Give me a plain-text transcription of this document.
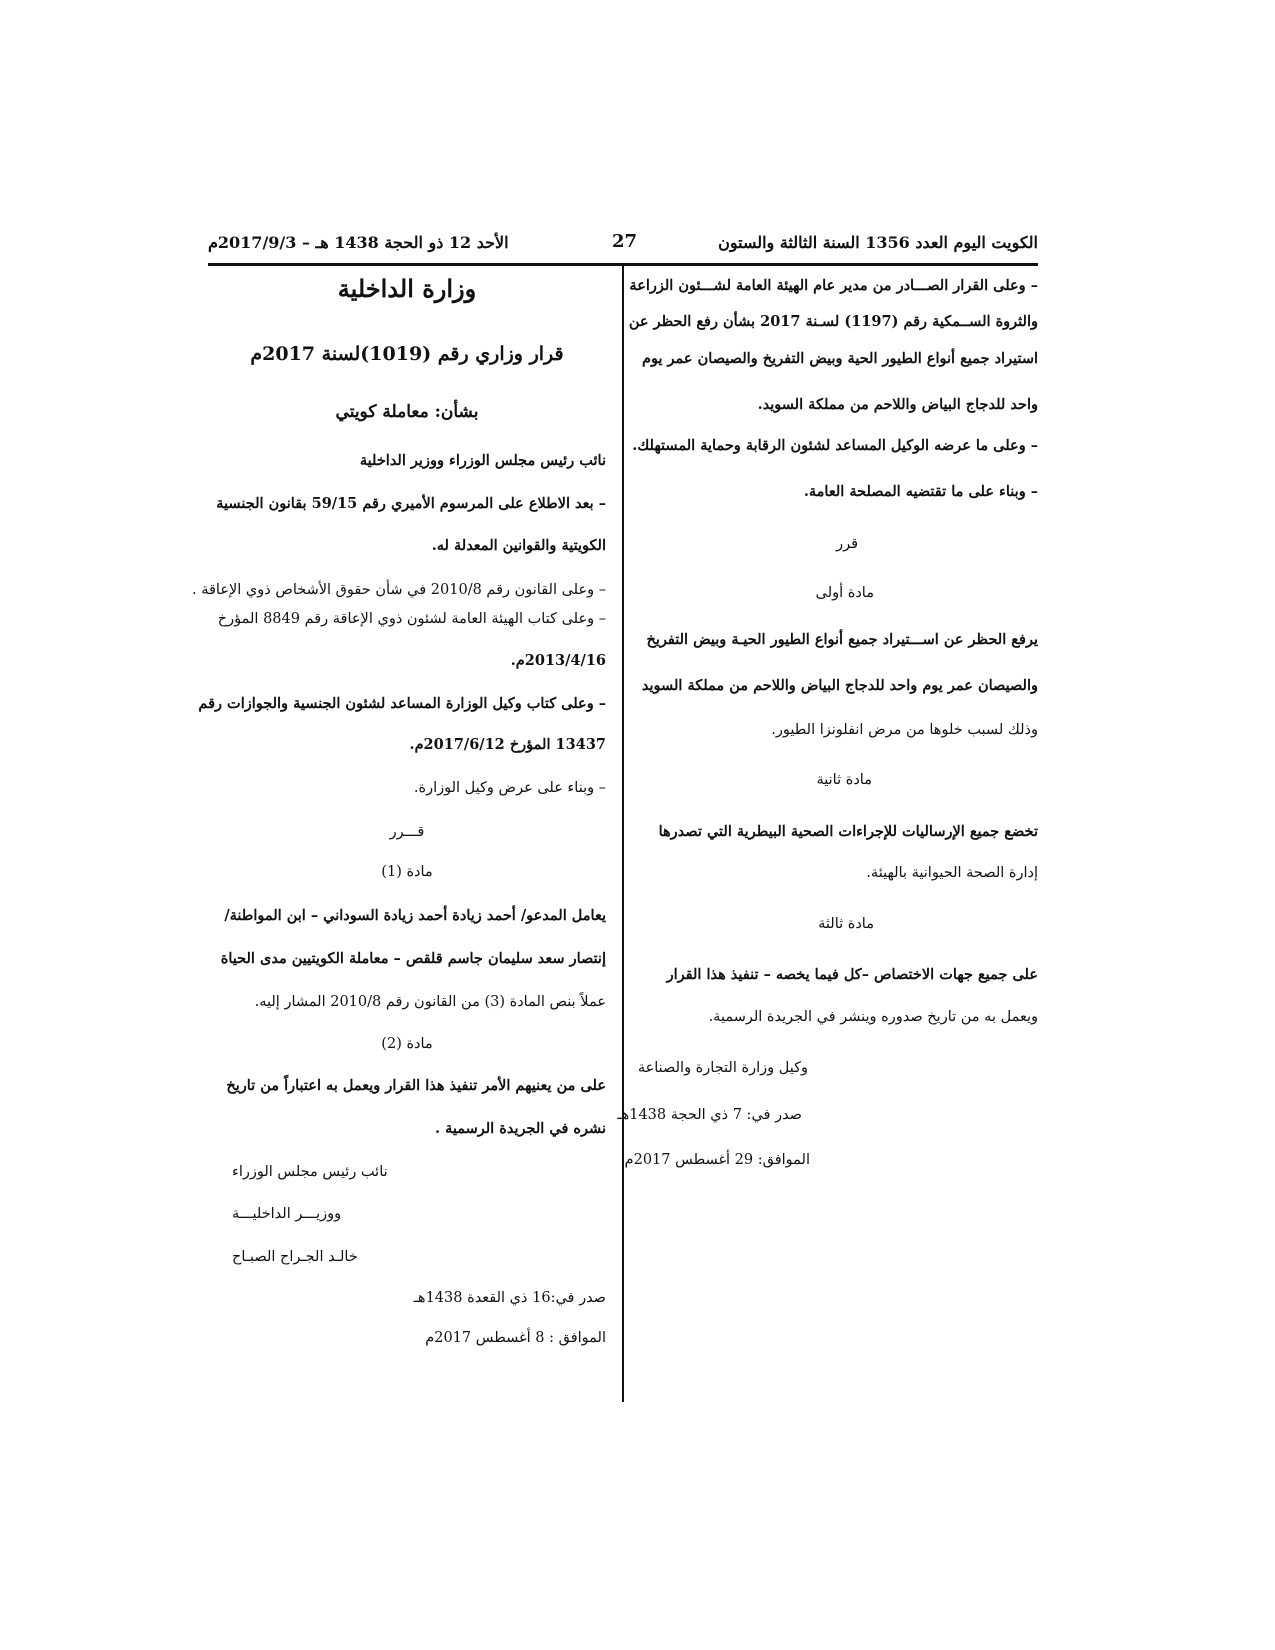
الكويت اليوم العدد 1356 السنة الثالثة والستون
27
الأحد 12 ذو الحجة 1438 هـ – 2017/9/3م
– وعلى القرار الصـــادر من مدير عام الهيئة العامة لشـــئون الزراعة
والثروة الســمكية رقم (1197) لسـنة 2017 بشأن رفع الحظر عن
استيراد جميع أنواع الطيور الحية وبيض التفريخ والصيصان عمر يوم
واحد للدجاج البياض واللاحم من مملكة السويد.
– وعلى ما عرضه الوكيل المساعد لشئون الرقابة وحماية المستهلك.
– وبناء على ما تقتضيه المصلحة العامة.
قرر
مادة أولى
يرفع الحظر عن اســـتيراد جميع أنواع الطيور الحيـة وبيض التفريخ
والصيصان عمر يوم واحد للدجاج البياض واللاحم من مملكة السويد
وذلك لسبب خلوها من مرض انفلونزا الطيور.
مادة ثانية
تخضع جميع الإرساليات للإجراءات الصحية البيطرية التي تصدرها
إدارة الصحة الحيوانية بالهيئة.
مادة ثالثة
على جميع جهات الاختصاص –كل فيما يخصه – تنفيذ هذا القرار
ويعمل به من تاريخ صدوره وينشر في الجريدة الرسمية.
وكيل وزارة التجارة والصناعة
صدر في: 7 ذي الحجة 1438هـ
الموافق: 29 أغسطس 2017م
وزارة الداخلية
قرار وزاري رقم (1019)لسنة 2017م
بشأن: معاملة كويتي
نائب رئيس مجلس الوزراء ووزير الداخلية
– بعد الاطلاع على المرسوم الأميري رقم 59/15 بقانون الجنسية
الكويتية والقوانين المعدلة له.
– وعلى القانون رقم 2010/8 في شأن حقوق الأشخاص ذوي الإعاقة .
– وعلى كتاب الهيئة العامة لشئون ذوي الإعاقة رقم 8849 المؤرخ
2013/4/16م.
– وعلى كتاب وكيل الوزارة المساعد لشئون الجنسية والجوازات رقم
13437 المؤرخ 2017/6/12م.
– وبناء على عرض وكيل الوزارة.
قـــرر
مادة (1)
يعامل المدعو/ أحمد زيادة أحمد زيادة السوداني – ابن المواطنة/
إنتصار سعد سليمان جاسم قلقص – معاملة الكويتيين مدى الحياة
عملاً بنص المادة (3) من القانون رقم 2010/8 المشار إليه.
مادة (2)
على من يعنيهم الأمر تنفيذ هذا القرار ويعمل به اعتباراً من تاريخ
نشره في الجريدة الرسمية .
نائب رئيس مجلس الوزراء
ووزيـــر الداخليـــة
خالـد الجـراح الصبـاح
صدر في:16 ذي القعدة 1438هـ
الموافق : 8 أغسطس 2017م
